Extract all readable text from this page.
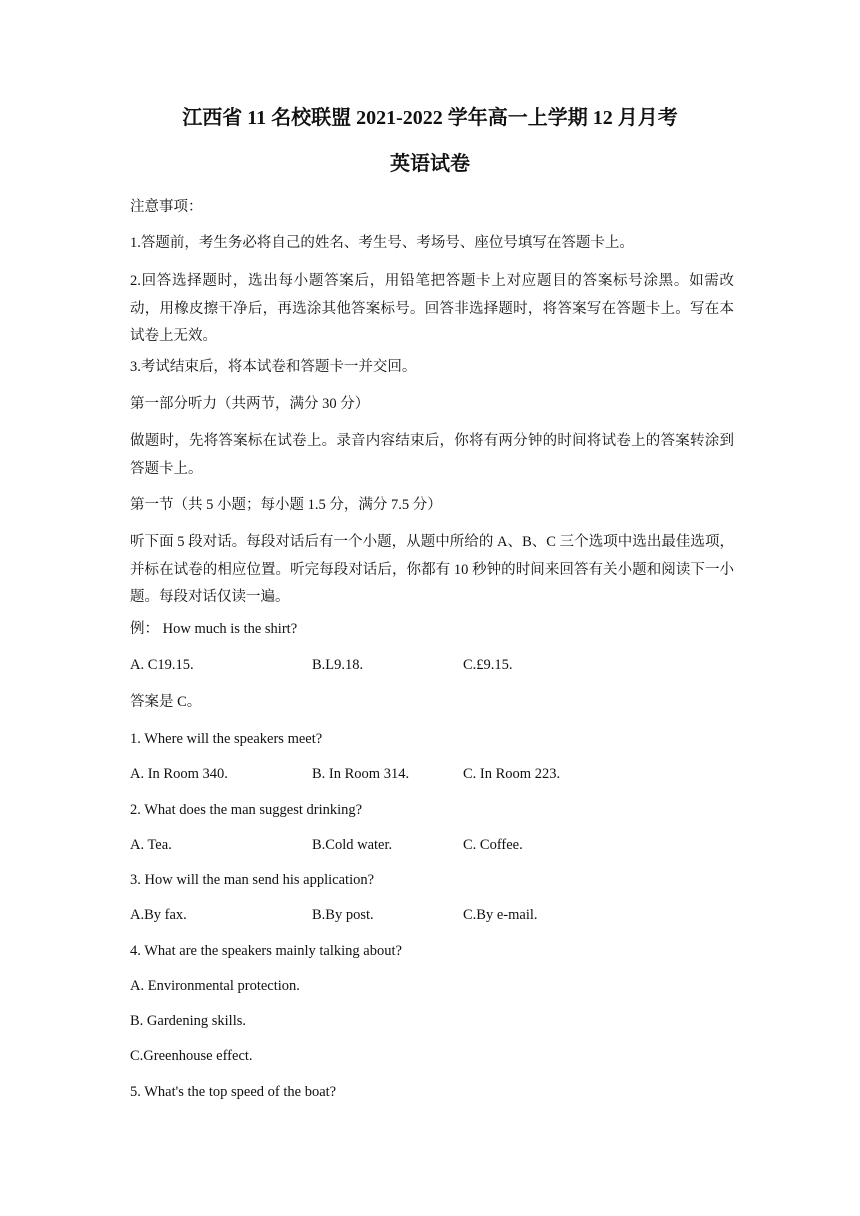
江西省 11 名校联盟 2021-2022 学年高一上学期 12 月月考
英语试卷
注意事项：
1.答题前，考生务必将自己的姓名、考生号、考场号、座位号填写在答题卡上。
2.回答选择题时，选出每小题答案后，用铅笔把答题卡上对应题目的答案标号涂黑。如需改动，用橡皮擦干净后，再选涂其他答案标号。回答非选择题时，将答案写在答题卡上。写在本试卷上无效。
3.考试结束后，将本试卷和答题卡一并交回。
第一部分听力（共两节，满分 30 分）
做题时，先将答案标在试卷上。录音内容结束后，你将有两分钟的时间将试卷上的答案转涂到答题卡上。
第一节（共 5 小题；每小题 1.5 分，满分 7.5 分）
听下面 5 段对话。每段对话后有一个小题，从题中所给的 A、B、C 三个选项中选出最佳选项，并标在试卷的相应位置。听完每段对话后，你都有 10 秒钟的时间来回答有关小题和阅读下一小题。每段对话仅读一遍。
例： How much is the shirt?
A. C19.15.	B.L9.18.	C.£9.15.
答案是 C。
1. Where will the speakers meet?
A. In Room 340.	B. In Room 314.	C. In Room 223.
2. What does the man suggest drinking?
A. Tea.	B.Cold water.	C. Coffee.
3. How will the man send his application?
A.By fax.	B.By post.	C.By e-mail.
4. What are the speakers mainly talking about?
A. Environmental protection.
B. Gardening skills.
C.Greenhouse effect.
5. What's the top speed of the boat?
